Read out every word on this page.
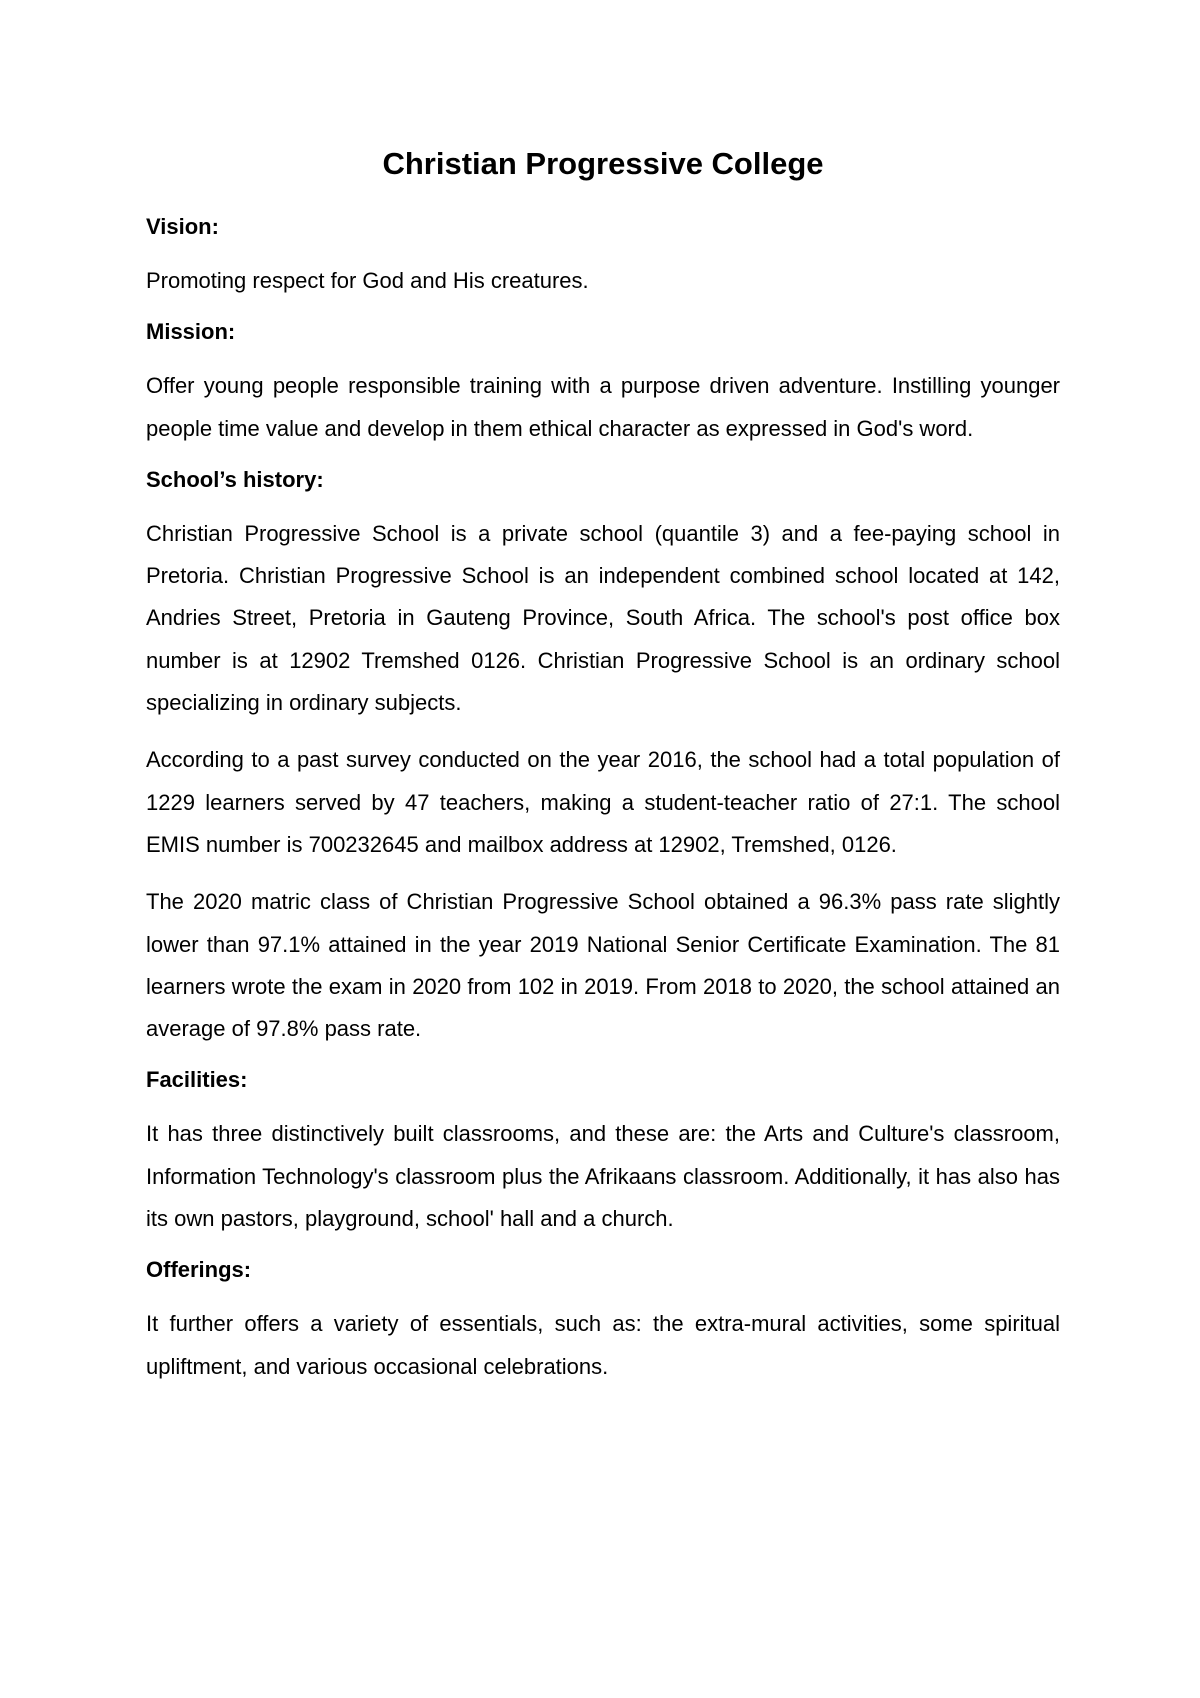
Christian Progressive College
Vision:
Promoting respect for God and His creatures.
Mission:
Offer young people responsible training with a purpose driven adventure. Instilling younger people time value and develop in them ethical character as expressed in God's word.
School’s history:
Christian Progressive School is a private school (quantile 3) and a fee-paying school in Pretoria. Christian Progressive School is an independent combined school located at 142, Andries Street, Pretoria in Gauteng Province, South Africa. The school's post office box number is at 12902 Tremshed 0126. Christian Progressive School is an ordinary school specializing in ordinary subjects.
According to a past survey conducted on the year 2016, the school had a total population of 1229 learners served by 47 teachers, making a student-teacher ratio of 27:1. The school EMIS number is 700232645 and mailbox address at 12902, Tremshed, 0126.
The 2020 matric class of Christian Progressive School obtained a 96.3% pass rate slightly lower than 97.1% attained in the year 2019 National Senior Certificate Examination. The 81 learners wrote the exam in 2020 from 102 in 2019. From 2018 to 2020, the school attained an average of 97.8% pass rate.
Facilities:
It has three distinctively built classrooms, and these are: the Arts and Culture's classroom, Information Technology's classroom plus the Afrikaans classroom. Additionally, it has also has its own pastors, playground, school' hall and a church.
Offerings:
It further offers a variety of essentials, such as: the extra-mural activities, some spiritual upliftment, and various occasional celebrations.
